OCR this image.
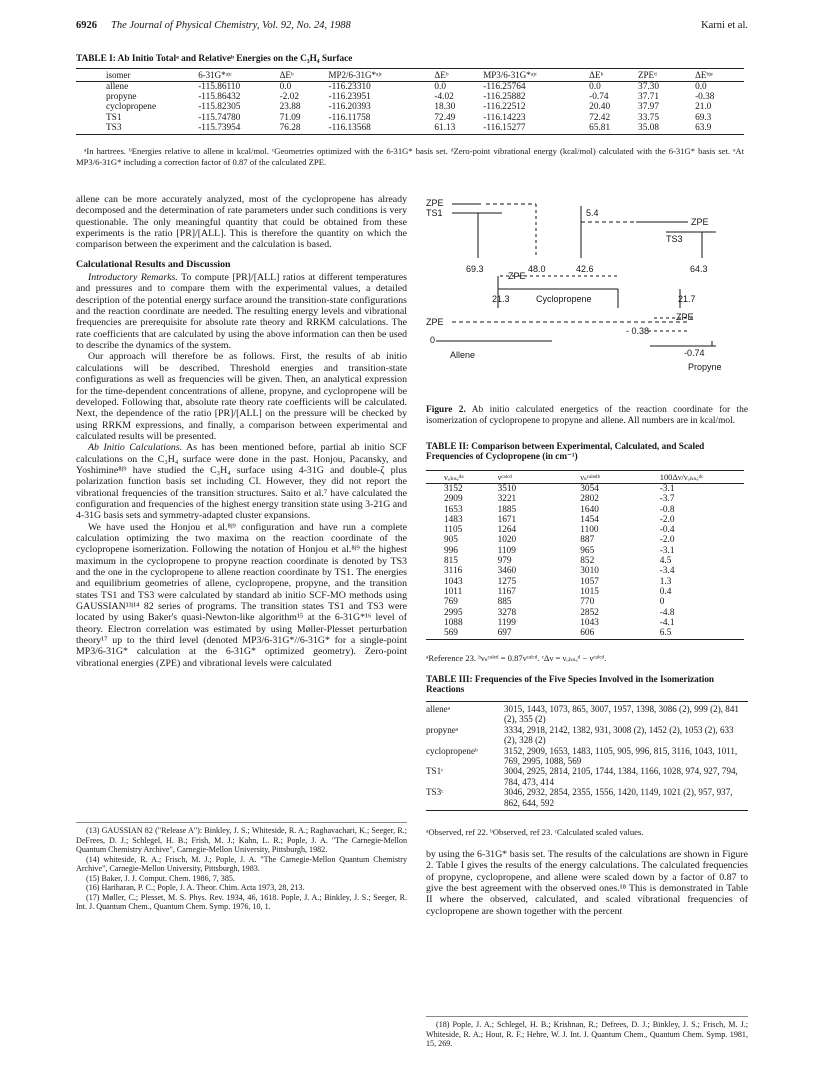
6926 The Journal of Physical Chemistry, Vol. 92, No. 24, 1988	Karni et al.
TABLE I: Ab Initio Totalᵃ and Relativeᵇ Energies on the C₃H₄ Surface
isomer	6-31G*ᵃʲᶜ	ΔEᵇ	MP2/6-31G*ᵃʲᶜ	ΔEᵇ	MP3/6-31G*ᵃʲᶜ	ΔEᵇ	ZPEᵈ	ΔEᵇʲᵉ
allene	-115.86110	0.0	-116.23310	0.0	-116.25764	0.0	37.30	0.0
propyne	-115.86432	-2.02	-116.23951	-4.02	-116.25882	-0.74	37.71	-0.38
cyclopropene	-115.82305	23.88	-116.20393	18.30	-116.22512	20.40	37.97	21.0
TS1	-115.74780	71.09	-116.11758	72.49	-116.14223	72.42	33.75	69.3
TS3	-115.73954	76.28	-116.13568	61.13	-116.15277	65.81	35.08	63.9
ᵃIn hartrees. ᵇEnergies relative to allene in kcal/mol. ᶜGeometries optimized with the 6-31G* basis set. ᵈZero-point vibrational energy (kcal/mol) calculated with the 6-31G* basis set. ᵉAt MP3/6-31G* including a correction factor of 0.87 of the calculated ZPE.

allene can be more accurately analyzed, most of the cyclopropene has already decomposed and the determination of rate parameters under such conditions is very questionable. The only meaningful quantity that could be obtained from these experiments is the ratio [PR]/[ALL]. This is therefore the quantity on which the comparison between the experiment and the calculation is based.

Calculational Results and Discussion

Introductory Remarks. To compute [PR]/[ALL] ratios at different temperatures and pressures and to compare them with the experimental values, a detailed description of the potential energy surface around the transition-state configurations and the reaction coordinate are needed. The resulting energy levels and vibrational frequencies are prerequisite for absolute rate theory and RRKM calculations. The rate coefficients that are calculated by using the above information can then be used to describe the dynamics of the system.

Our approach will therefore be as follows. First, the results of ab initio calculations will be described. Threshold energies and transition-state configurations as well as frequencies will be given. Then, an analytical expression for the time-dependent concentrations of allene, propyne, and cyclopropene will be developed. Following that, absolute rate theory rate coefficients will be calculated. Next, the dependence of the ratio [PR]/[ALL] on the pressure will be checked by using RRKM expressions, and finally, a comparison between experimental and calculated results will be presented.

Ab Initio Calculations. As has been mentioned before, partial ab initio SCF calculations on the C₃H₄ surface were done in the past. Honjou, Pacansky, and Yoshimine⁸ʲ⁹ have studied the C₃H₄ surface using 4-31G and double-ζ plus polarization function basis set including CI. However, they did not report the vibrational frequencies of the transition structures. Saito et al.⁷ have calculated the configuration and frequencies of the highest energy transition state using 3-21G and 4-31G basis sets and symmetry-adapted cluster expansions.

We have used the Honjou et al.⁸ʲ⁹ configuration and have run a complete calculation optimizing the two maxima on the reaction coordinate of the cyclopropene isomerization. Following the notation of Honjou et al.⁸ʲ⁹ the highest maximum in the cyclopropene to propyne reaction coordinate is denoted by TS3 and the one in the cyclopropene to allene reaction coordinate by TS1. The energies and equilibrium geometries of allene, cyclopropene, propyne, and the transition states TS1 and TS3 were calculated by standard ab initio SCF-MO methods using GAUSSIAN¹³ʲ¹⁴ 82 series of programs. The transition states TS1 and TS3 were located by using Baker's quasi-Newton-like algorithm¹⁵ at the 6-31G*¹⁶ level of theory. Electron correlation was estimated by using Møller-Plesset perturbation theory¹⁷ up to the third level (denoted MP3/6-31G*//6-31G* for a single-point MP3/6-31G* calculation at the 6-31G* optimized geometry). Zero-point vibrational energies (ZPE) and vibrational levels were calculated

(13) GAUSSIAN 82 ("Release A"): Binkley, J. S.; Whiteside, R. A.; Raghavachari, K.; Seeger, R.; DeFrees, D. J.; Schlegel, H. B.; Frish, M. J.; Kahn, L. R.; Pople, J. A. "The Carnegie-Mellon Quantum Chemistry Archive", Carnegie-Mellon University, Pittsburgh, 1982.

(14) whiteside, R. A.; Frisch, M. J.; Pople, J. A. "The Carnegie-Mellon Quantum Chemistry Archive", Carnegie-Mellon University, Pittsburgh, 1983.

(15) Baker, J. J. Comput. Chem. 1986, 7, 385.

(16) Hariharan, P. C.; Pople, J. A. Theor. Chim. Acta 1973, 28, 213.

(17) Møller, C.; Plesset, M. S. Phys. Rev. 1934, 46, 1618. Pople, J. A.; Binkley, J. S.; Seeger, R. Int. J. Quantum Chem., Quantum Chem. Symp. 1976, 10, 1.

ZPE
TS1	5.4
ZPE
TS3
69.3	48.0	42.6	64.3
ZPE
21.3	Cyclopropene	21.7
ZPE	ZPE
- 0.38
0
Allene	-0.74
Propyne
Figure 2. Ab initio calculated energetics of the reaction coordinate for the isomerization of cyclopropene to propyne and allene. All numbers are in kcal/mol.
TABLE II: Comparison between Experimental, Calculated, and Scaled Frequencies of Cyclopropene (in cm⁻¹)
νₒₕₛₑᵈᵃ	νᶜᵃˡᶜᵈ	νₛᶜᵃˡᵉᵈᵇ	100Δν/νₒₕₛₑᵈᶜ
3152	3510	3054	-3.1
2909	3221	2802	-3.7
1653	1885	1640	-0.8
1483	1671	1454	-2.0
1105	1264	1100	-0.4
905	1020	887	-2.0
996	1109	965	-3.1
815	979	852	4.5
3116	3460	3010	-3.4
1043	1275	1057	1.3
1011	1167	1015	0.4
769	885	770	0
2995	3278	2852	-4.8
1088	1199	1043	-4.1
569	697	606	6.5
ᵃReference 23. ᵇνₛᶜᵃˡᵉᵈ = 0.87νᶜᵃˡᶜᵈ. ᶜΔν = νₒₕₛₑᵈ − νᶜᵃˡᶜᵈ.
TABLE III: Frequencies of the Five Species Involved in the Isomerization Reactions
alleneᵃ	3015, 1443, 1073, 865, 3007, 1957, 1398, 3086 (2), 999 (2), 841 (2), 355 (2)
propyneᵃ	3334, 2918, 2142, 1382, 931, 3008 (2), 1452 (2), 1053 (2), 633 (2), 328 (2)
cyclopropeneᵇ	3152, 2909, 1653, 1483, 1105, 905, 996, 815, 3116, 1043, 1011, 769, 2995, 1088, 569
TS1ᶜ	3004, 2925, 2814, 2105, 1744, 1384, 1166, 1028, 974, 927, 794, 784, 473, 414
TS3ᶜ	3046, 2932, 2854, 2355, 1556, 1420, 1149, 1021 (2), 957, 937, 862, 644, 592
ᵃObserved, ref 22. ᵇObserved, ref 23. ᶜCalculated scaled values.
by using the 6-31G* basis set. The results of the calculations are shown in Figure 2. Table I gives the results of the energy calculations. The calculated frequencies of propyne, cyclopropene, and allene were scaled down by a factor of 0.87 to give the best agreement with the observed ones.¹⁸ This is demonstrated in Table II where the observed, calculated, and scaled vibrational frequencies of cyclopropene are shown together with the percent

(18) Pople, J. A.; Schlegel, H. B.; Krishnan, R.; Defrees, D. J.; Binkley, J. S.; Frisch, M. J.; Whiteside, R. A.; Hout, R. F.; Hehre, W. J. Int. J. Quantum Chem., Quantum Chem. Symp. 1981, 15, 269.
